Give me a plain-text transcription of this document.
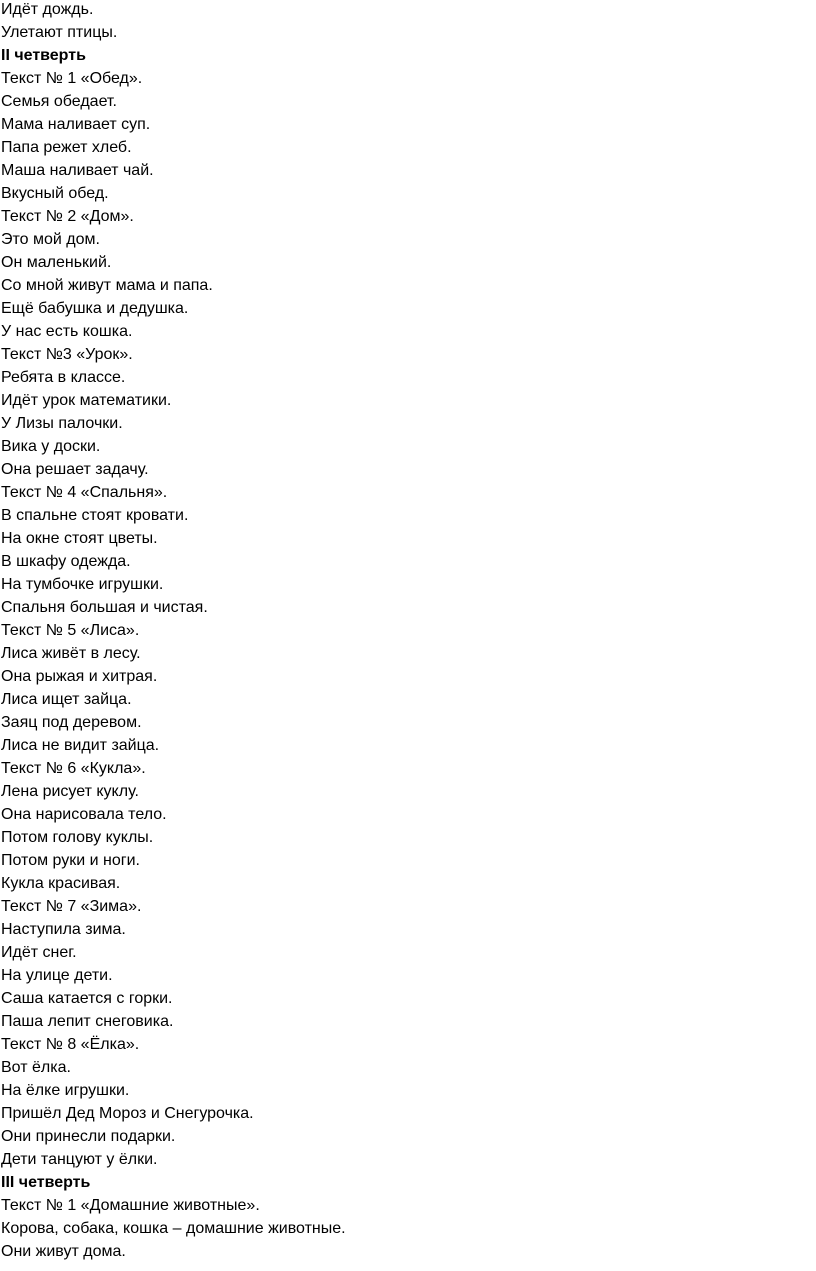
Идёт дождь.
Улетают птицы.
II четверть
Текст № 1 «Обед».
Семья обедает.
Мама наливает суп.
Папа режет хлеб.
Маша наливает чай.
Вкусный обед.
Текст № 2 «Дом».
Это мой дом.
Он маленький.
Со мной живут мама и папа.
Ещё бабушка и дедушка.
У нас есть кошка.
Текст №3 «Урок».
Ребята в классе.
Идёт урок математики.
У Лизы палочки.
Вика у доски.
Она решает задачу.
Текст № 4 «Спальня».
В спальне стоят кровати.
На окне стоят цветы.
В шкафу одежда.
На тумбочке игрушки.
Спальня большая и чистая.
Текст № 5 «Лиса».
Лиса живёт в лесу.
Она рыжая и хитрая.
Лиса ищет зайца.
Заяц под деревом.
Лиса не видит зайца.
Текст № 6 «Кукла».
Лена рисует куклу.
Она нарисовала тело.
Потом голову куклы.
Потом руки и ноги.
Кукла красивая.
Текст № 7 «Зима».
Наступила зима.
Идёт снег.
На улице дети.
Саша катается с горки.
Паша лепит снеговика.
Текст № 8 «Ёлка».
Вот ёлка.
На ёлке игрушки.
Пришёл Дед Мороз и Снегурочка.
Они принесли подарки.
Дети танцуют у ёлки.
III четверть
Текст № 1 «Домашние животные».
Корова, собака, кошка – домашние животные.
Они живут дома.
